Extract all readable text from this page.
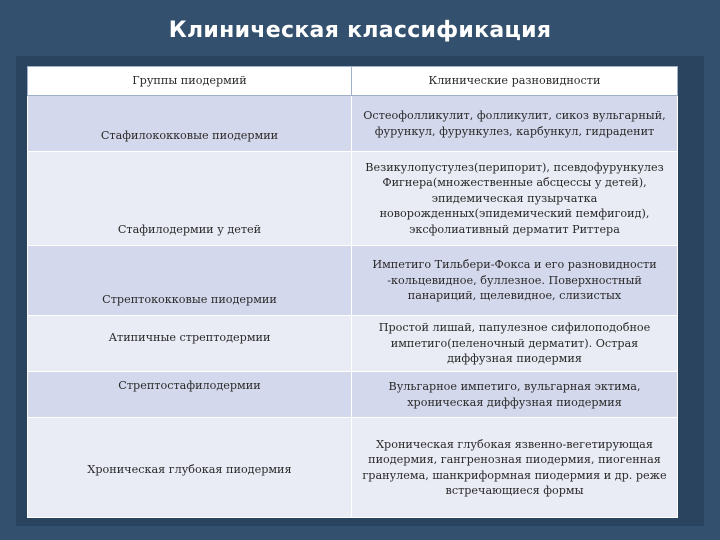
Клиническая классификация
Группы пиодермий	Клинические разновидности
Стафилококковые пиодермии	Остеофолликулит, фолликулит, сикоз вульгарный, фурункул, фурункулез, карбункул, гидраденит
Стафилодермии у детей	Везикулопустулез(перипорит), псевдофурункулез Фигнера(множественные абсцессы у детей), эпидемическая пузырчатка новорожденных(эпидемический пемфигоид), эксфолиативный дерматит Риттера
Стрептококковые пиодермии	Импетиго Тильбери-Фокса и его разновидности -кольцевидное, буллезное. Поверхностный панариций, щелевидное, слизистых
Атипичные стрептодермии	Простой лишай, папулезное сифилоподобное импетиго(пеленочный дерматит). Острая диффузная пиодермия
Стрептостафилодермии	Вульгарное импетиго, вульгарная эктима, хроническая диффузная пиодермия
Хроническая глубокая пиодермия	Хроническая глубокая язвенно-вегетирующая пиодермия, гангренозная пиодермия, пиогенная гранулема, шанкриформная пиодермия и др. реже встречающиеся формы
